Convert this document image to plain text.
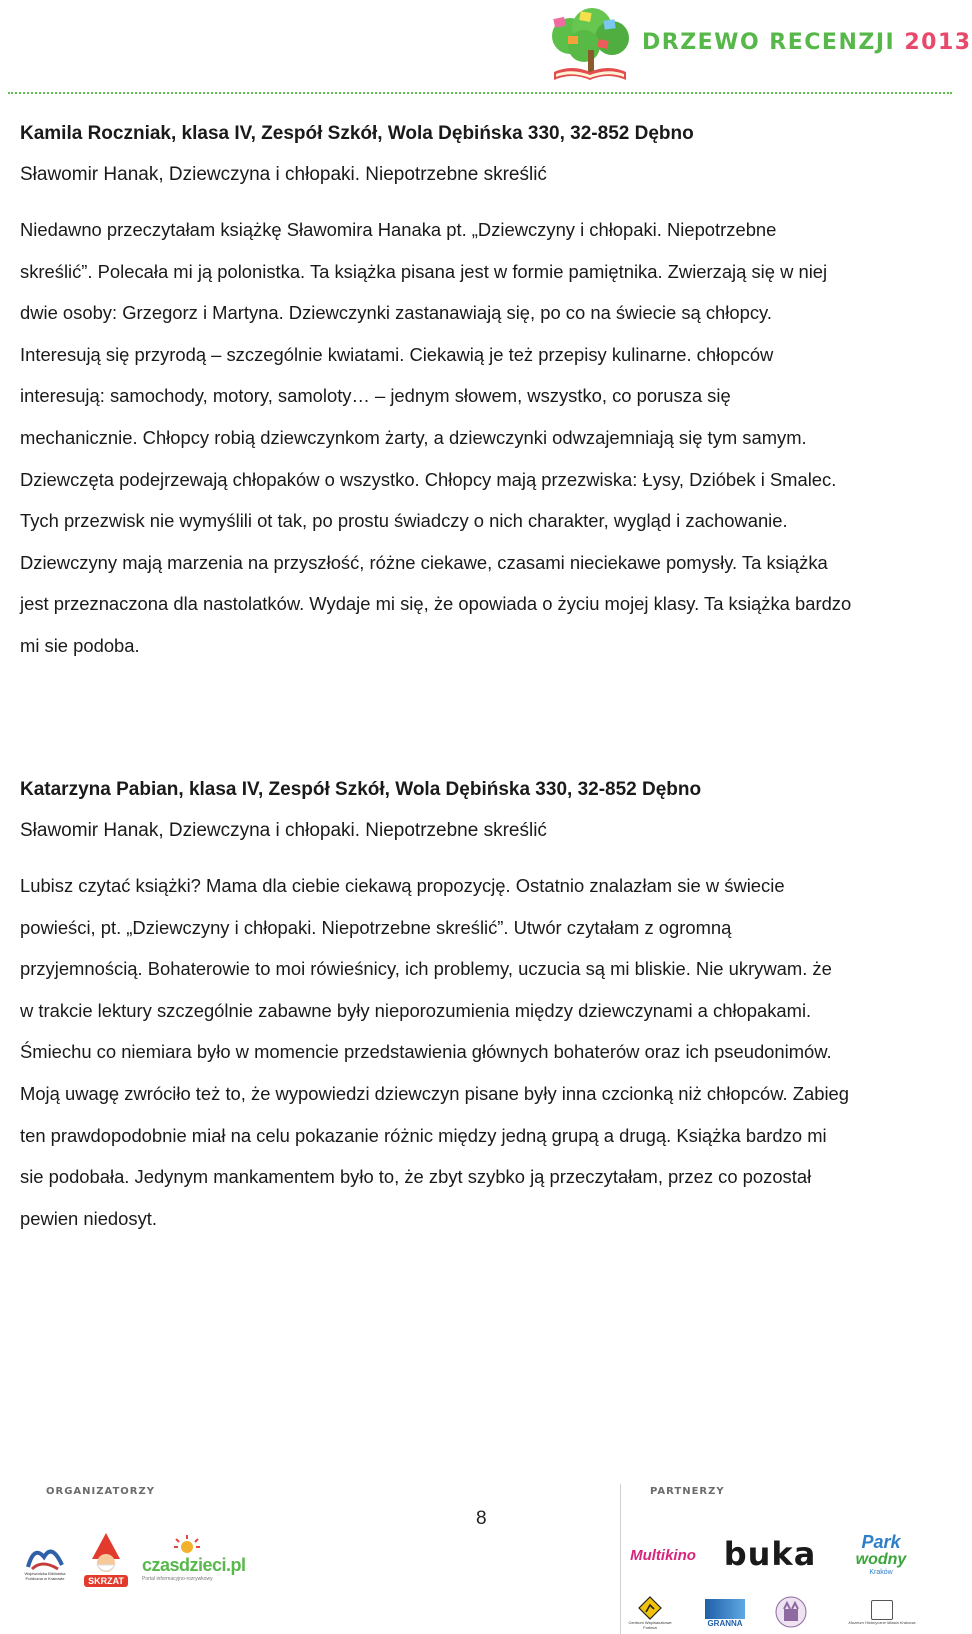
DRZEWO RECENZJI 2013
Kamila Roczniak, klasa IV, Zespół Szkół, Wola Dębińska 330, 32-852 Dębno
Sławomir Hanak, Dziewczyna i chłopaki. Niepotrzebne skreślić
Niedawno przeczytałam książkę Sławomira Hanaka pt. „Dziewczyny i chłopaki. Niepotrzebne
skreślić”. Polecała mi ją polonistka. Ta książka pisana jest w formie pamiętnika. Zwierzają się w niej
dwie osoby: Grzegorz i Martyna. Dziewczynki zastanawiają się, po co na świecie są chłopcy.
Interesują się przyrodą – szczególnie kwiatami. Ciekawią je też przepisy kulinarne. chłopców
interesują: samochody, motory, samoloty… – jednym słowem, wszystko, co porusza się
mechanicznie. Chłopcy robią dziewczynkom żarty, a dziewczynki odwzajemniają się tym samym.
Dziewczęta podejrzewają chłopaków o wszystko. Chłopcy mają przezwiska: Łysy, Dzióbek i Smalec.
Tych przezwisk nie wymyślili ot tak, po prostu świadczy o nich charakter, wygląd i zachowanie.
Dziewczyny mają marzenia na przyszłość, różne ciekawe, czasami nieciekawe pomysły. Ta książka
jest przeznaczona dla nastolatków. Wydaje mi się, że opowiada o życiu mojej klasy. Ta książka bardzo
mi sie podoba.
Katarzyna Pabian, klasa IV, Zespół Szkół, Wola Dębińska 330, 32-852 Dębno
Sławomir Hanak, Dziewczyna i chłopaki. Niepotrzebne skreślić
Lubisz czytać książki? Mama dla ciebie ciekawą propozycję. Ostatnio znalazłam sie w świecie
powieści, pt. „Dziewczyny i chłopaki. Niepotrzebne skreślić”. Utwór czytałam z ogromną
przyjemnością. Bohaterowie to moi rówieśnicy, ich problemy, uczucia są mi bliskie. Nie ukrywam. że
w trakcie lektury szczególnie zabawne były nieporozumienia między dziewczynami a chłopakami.
Śmiechu co niemiara było w momencie przedstawienia głównych bohaterów oraz ich pseudonimów.
Moją uwagę zwróciło też to, że wypowiedzi dziewczyn pisane były inna czcionką niż chłopców. Zabieg
ten prawdopodobnie miał na celu pokazanie różnic między jedną grupą a drugą. Książka bardzo mi
sie podobała. Jedynym mankamentem było to, że zbyt szybko ją przeczytałam, przez co pozostał
pewien niedosyt.
ORGANIZATORZY	PARTNERZY
8
Wojewódzka Biblioteka Publiczna w Krakowie	SKRZAT
czasdzieci.pl
Portal informacyjno-rozrywkowy
Multikino buka	Park
wodny
Kraków
Centrum Wspinaczkowe Forteca	GRANNA	Muzeum Historyczne Miasta Krakowa
